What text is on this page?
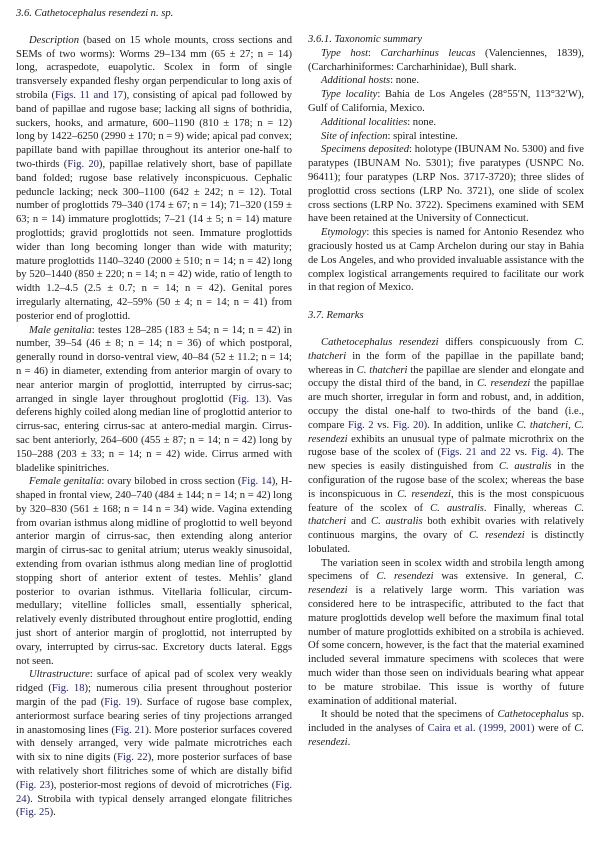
3.6. Cathetocephalus resendezi n. sp.

Description (based on 15 whole mounts, cross sections and SEMs of two worms): Worms 29–134 mm (65 ± 27; n = 14) long, acraspedote, euapolytic. Scolex in form of single transversely expanded fleshy organ perpendicular to long axis of strobila (Figs. 11 and 17), consisting of apical pad followed by band of papillae and rugose base; lacking all signs of bothridia, suckers, hooks, and armature, 600–1190 (810 ± 178; n = 12) long by 1422–6250 (2990 ± 170; n = 9) wide; apical pad convex; papillate band with papillae throughout its anterior one-half to two-thirds (Fig. 20), papillae relatively short, base of papillate band folded; rugose base relatively inconspicuous. Cephalic peduncle lacking; neck 300–1100 (642 ± 242; n = 12). Total number of proglottids 79–340 (174 ± 67; n = 14); 71–320 (159 ± 63; n = 14) immature proglottids; 7–21 (14 ± 5; n = 14) mature proglottids; gravid proglottids not seen. Immature proglottids wider than long becoming longer than wide with maturity; mature proglottids 1140–3240 (2000 ± 510; n = 14; n = 42) long by 520–1440 (850 ± 220; n = 14; n = 42) wide, ratio of length to width 1.2–4.5 (2.5 ± 0.7; n = 14; n = 42). Genital pores irregularly alternating, 42–59% (50 ± 4; n = 14; n = 41) from posterior end of proglottid.

Male genitalia: testes 128–285 (183 ± 54; n = 14; n = 42) in number, 39–54 (46 ± 8; n = 14; n = 36) of which postporal, generally round in dorso-ventral view, 40–84 (52 ± 11.2; n = 14; n = 46) in diameter, extending from anterior margin of ovary to near anterior margin of proglottid, interrupted by cirrus-sac; arranged in single layer throughout proglottid (Fig. 13). Vas deferens highly coiled along median line of proglottid anterior to cirrus-sac, entering cirrus-sac at antero-medial margin. Cirrus-sac bent anteriorly, 264–600 (455 ± 87; n = 14; n = 42) long by 150–288 (203 ± 33; n = 14; n = 42) wide. Cirrus armed with bladelike spinitriches.

Female genitalia: ovary bilobed in cross section (Fig. 14), H-shaped in frontal view, 240–740 (484 ± 144; n = 14; n = 42) long by 320–830 (561 ± 168; n = 14 n = 34) wide. Vagina extending from ovarian isthmus along midline of proglottid to well beyond anterior margin of cirrus-sac, then extending along anterior margin of cirrus-sac to genital atrium; uterus weakly sinusoidal, extending from ovarian isthmus along median line of proglottid stopping short of anterior extent of testes. Mehlis’ gland posterior to ovarian isthmus. Vitellaria follicular, circum-medullary; vitelline follicles small, essentially spherical, relatively evenly distributed throughout entire proglottid, ending just short of anterior margin of proglottid, not interrupted by ovary, interrupted by cirrus-sac. Excretory ducts lateral. Eggs not seen.

Ultrastructure: surface of apical pad of scolex very weakly ridged (Fig. 18); numerous cilia present throughout posterior margin of the pad (Fig. 19). Surface of rugose base complex, anteriormost surface bearing series of tiny projections arranged in anastomosing lines (Fig. 21). More posterior surfaces covered with densely arranged, very wide palmate microtriches each with six to nine digits (Fig. 22), more posterior surfaces of base with relatively short filitriches some of which are distally bifid (Fig. 23), posterior-most regions of devoid of microtriches (Fig. 24). Strobila with typical densely arranged elongate filitriches (Fig. 25).

3.6.1. Taxonomic summary

Type host: Carcharhinus leucas (Valenciennes, 1839), (Carcharhiniformes: Carcharhinidae), Bull shark.

Additional hosts: none.

Type locality: Bahia de Los Angeles (28°55′N, 113°32′W), Gulf of California, Mexico.

Additional localities: none.

Site of infection: spiral intestine.

Specimens deposited: holotype (IBUNAM No. 5300) and five paratypes (IBUNAM No. 5301); five paratypes (USNPC No. 96411); four paratypes (LRP Nos. 3717-3720); three slides of proglottid cross sections (LRP No. 3721), one slide of scolex cross sections (LRP No. 3722). Specimens examined with SEM have been retained at the University of Connecticut.

Etymology: this species is named for Antonio Resendez who graciously hosted us at Camp Archelon during our stay in Bahia de Los Angeles, and who provided invaluable assistance with the complex logistical arrangements required to facilitate our work in that region of Mexico.

3.7. Remarks

Cathetocephalus resendezi differs conspicuously from C. thatcheri in the form of the papillae in the papillate band; whereas in C. thatcheri the papillae are slender and elongate and occupy the distal third of the band, in C. resendezi the papillae are much shorter, irregular in form and robust, and, in addition, occupy the distal one-half to two-thirds of the band (i.e., compare Fig. 2 vs. Fig. 20). In addition, unlike C. thatcheri, C. resendezi exhibits an unusual type of palmate microthrix on the rugose base of the scolex of (Figs. 21 and 22 vs. Fig. 4). The new species is easily distinguished from C. australis in the configuration of the rugose base of the scolex; whereas the base is inconspicuous in C. resendezi, this is the most conspicuous feature of the scolex of C. australis. Finally, whereas C. thatcheri and C. australis both exhibit ovaries with relatively continuous margins, the ovary of C. resendezi is distinctly lobulated.

The variation seen in scolex width and strobila length among specimens of C. resendezi was extensive. In general, C. resendezi is a relatively large worm. This variation was considered here to be intraspecific, attributed to the fact that mature proglottids develop well before the maximum final total number of mature proglottids exhibited on a strobila is achieved. Of some concern, however, is the fact that the material examined included several immature specimens with scoleces that were much wider than those seen on individuals bearing what appear to be mature strobilae. This issue is worthy of future examination of additional material.

It should be noted that the specimens of Cathetocephalus sp. included in the analyses of Caira et al. (1999, 2001) were of C. resendezi.
